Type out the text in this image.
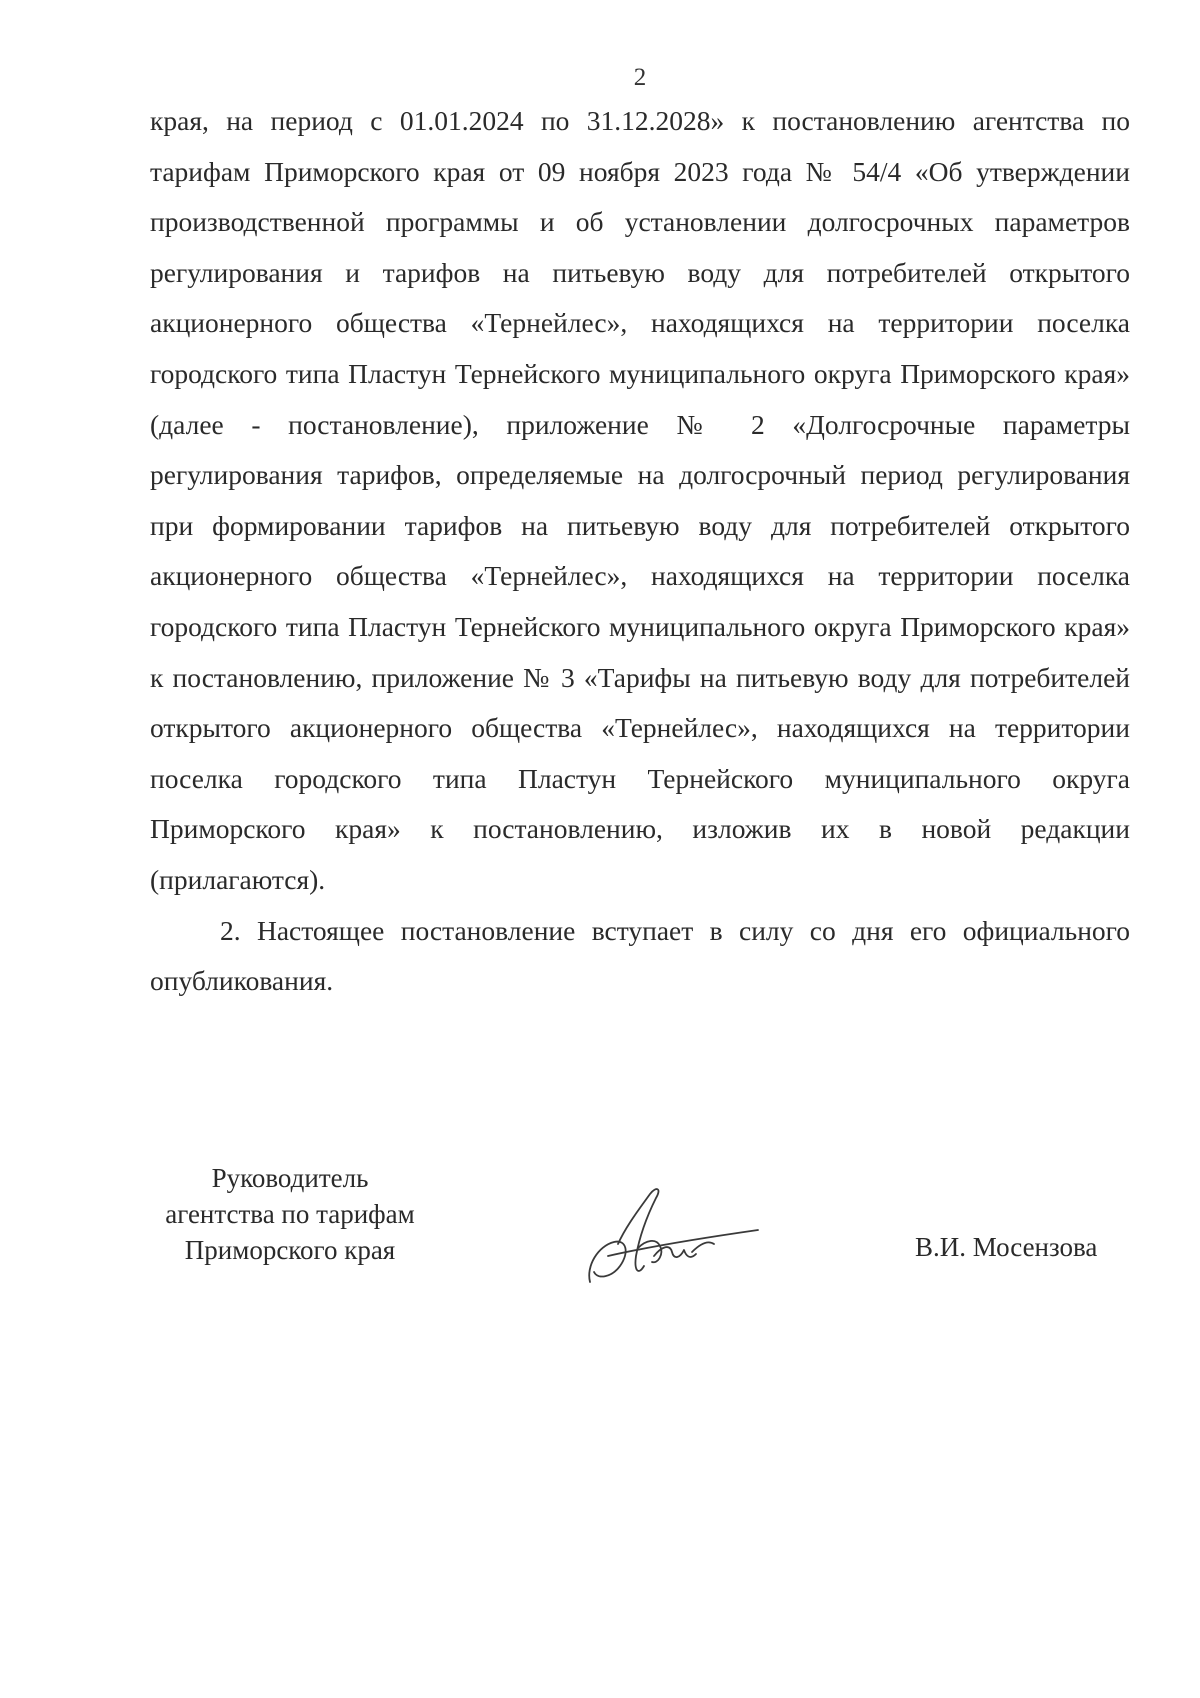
2

края, на период с 01.01.2024 по 31.12.2028» к постановлению агентства по тарифам Приморского края от 09 ноября 2023 года № 54/4 «Об утверждении производственной программы и об установлении долгосрочных параметров регулирования и тарифов на питьевую воду для потребителей открытого акционерного общества «Тернейлес», находящихся на территории поселка городского типа Пластун Тернейского муниципального округа Приморского края» (далее - постановление), приложение № 2 «Долгосрочные параметры регулирования тарифов, определяемые на долгосрочный период регулирования при формировании тарифов на питьевую воду для потребителей открытого акционерного общества «Тернейлес», находящихся на территории поселка городского типа Пластун Тернейского муниципального округа Приморского края» к постановлению, приложение № 3 «Тарифы на питьевую воду для потребителей открытого акционерного общества «Тернейлес», находящихся на территории поселка городского типа Пластун Тернейского муниципального округа Приморского края» к постановлению, изложив их в новой редакции (прилагаются).

2. Настоящее постановление вступает в силу со дня его официального опубликования.

Руководитель
агентства по тарифам
Приморского края	В.И. Мосензова
